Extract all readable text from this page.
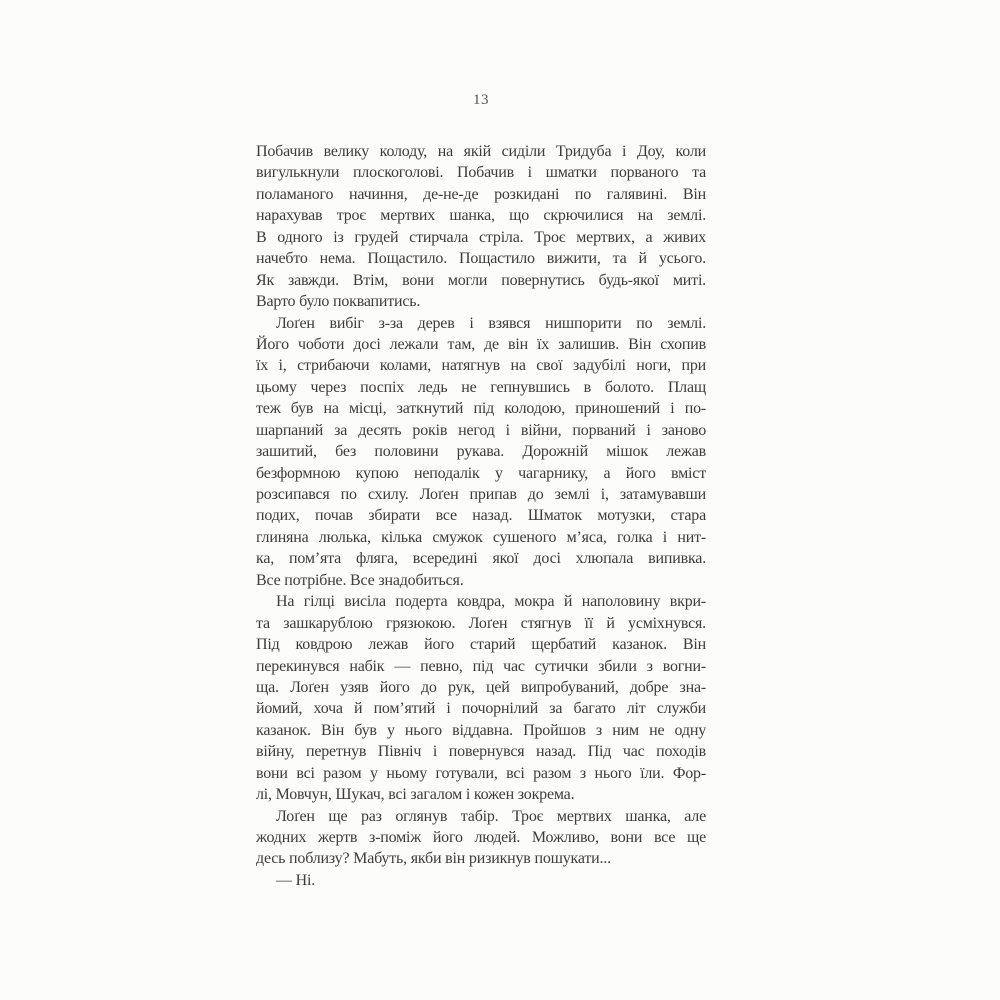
13
Побачив велику колоду, на якій сиділи Тридуба і Доу, коли
вигулькнули плоскоголові. Побачив і шматки порваного та
поламаного начиння, де-не-де розкидані по галявині. Він
нарахував троє мертвих шанка, що скрючилися на землі.
В одного із грудей стирчала стріла. Троє мертвих, а живих
начебто нема. Пощастило. Пощастило вижити, та й усього.
Як завжди. Втім, вони могли повернутись будь-якої миті.
Варто було поквапитись.
Лоґен вибіг з-за дерев і взявся нишпорити по землі.
Його чоботи досі лежали там, де він їх залишив. Він схопив
їх і, стрибаючи колами, натягнув на свої задубілі ноги, при
цьому через поспіх ледь не гепнувшись в болото. Плащ
теж був на місці, заткнутий під колодою, приношений і по-
шарпаний за десять років негод і війни, порваний і заново
зашитий, без половини рукава. Дорожній мішок лежав
безформною купою неподалік у чагарнику, а його вміст
розсипався по схилу. Лоґен припав до землі і, затамувавши
подих, почав збирати все назад. Шматок мотузки, стара
глиняна люлька, кілька смужок сушеного м’яса, голка і нит-
ка, пом’ята фляга, всередині якої досі хлюпала випивка.
Все потрібне. Все знадобиться.
На гілці висіла подерта ковдра, мокра й наполовину вкри-
та зашкарублою грязюкою. Лоґен стягнув її й усміхнувся.
Під ковдрою лежав його старий щербатий казанок. Він
перекинувся набік — певно, під час сутички збили з вогни-
ща. Лоґен узяв його до рук, цей випробуваний, добре зна-
йомий, хоча й пом’ятий і почорнілий за багато літ служби
казанок. Він був у нього віддавна. Пройшов з ним не одну
війну, перетнув Північ і повернувся назад. Під час походів
вони всі разом у ньому готували, всі разом з нього їли. Фор-
лі, Мовчун, Шукач, всі загалом і кожен зокрема.
Лоґен ще раз оглянув табір. Троє мертвих шанка, але
жодних жертв з-поміж його людей. Можливо, вони все ще
десь поблизу? Мабуть, якби він ризикнув пошукати...
— Ні.
